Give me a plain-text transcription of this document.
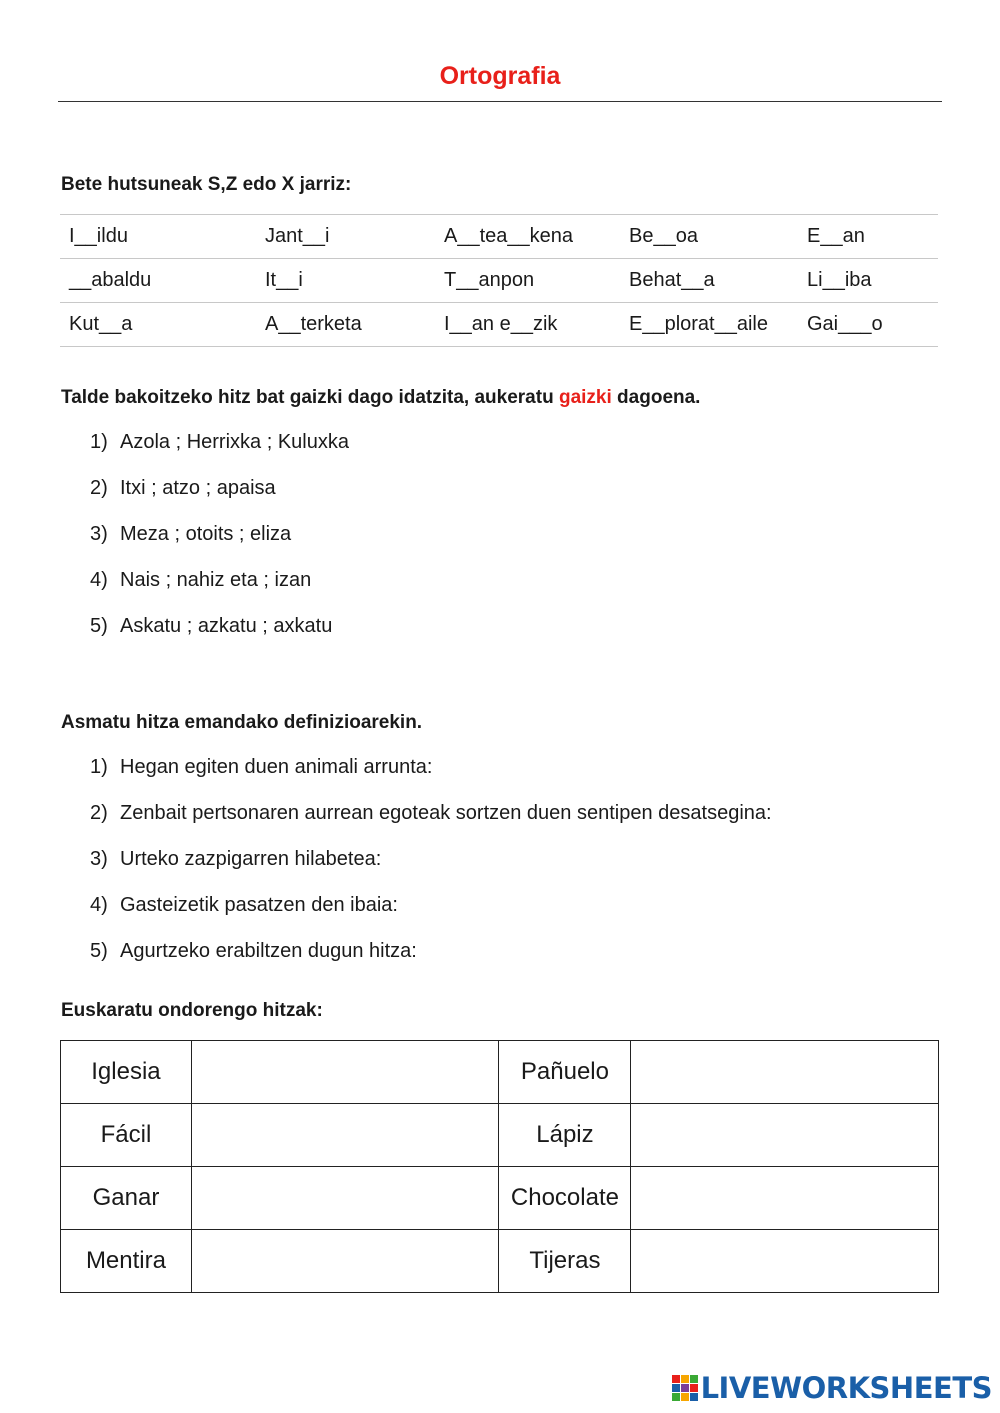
Ortografia
Bete hutsuneak S,Z edo X jarriz:
I__ildu	Jant__i	A__tea__kena	Be__oa	E__an
__abaldu	It__i	T__anpon	Behat__a	Li__iba
Kut__a	A__terketa	I__an e__zik	E__plorat__aile	Gai___o
Talde bakoitzeko hitz bat gaizki dago idatzita, aukeratu gaizki dagoena.
1) Azola ; Herrixka ; Kuluxka
2) Itxi ; atzo ; apaisa
3) Meza ; otoits ; eliza
4) Nais ; nahiz eta ; izan
5) Askatu ; azkatu ; axkatu
Asmatu hitza emandako definizioarekin.
1) Hegan egiten duen animali arrunta:
2) Zenbait pertsonaren aurrean egoteak sortzen duen sentipen desatsegina:
3) Urteko zazpigarren hilabetea:
4) Gasteizetik pasatzen den ibaia:
5) Agurtzeko erabiltzen dugun hitza:
Euskaratu ondorengo hitzak:
Iglesia		Pañuelo	
Fácil		Lápiz	
Ganar		Chocolate	
Mentira		Tijeras	
LIVEWORKSHEETS
